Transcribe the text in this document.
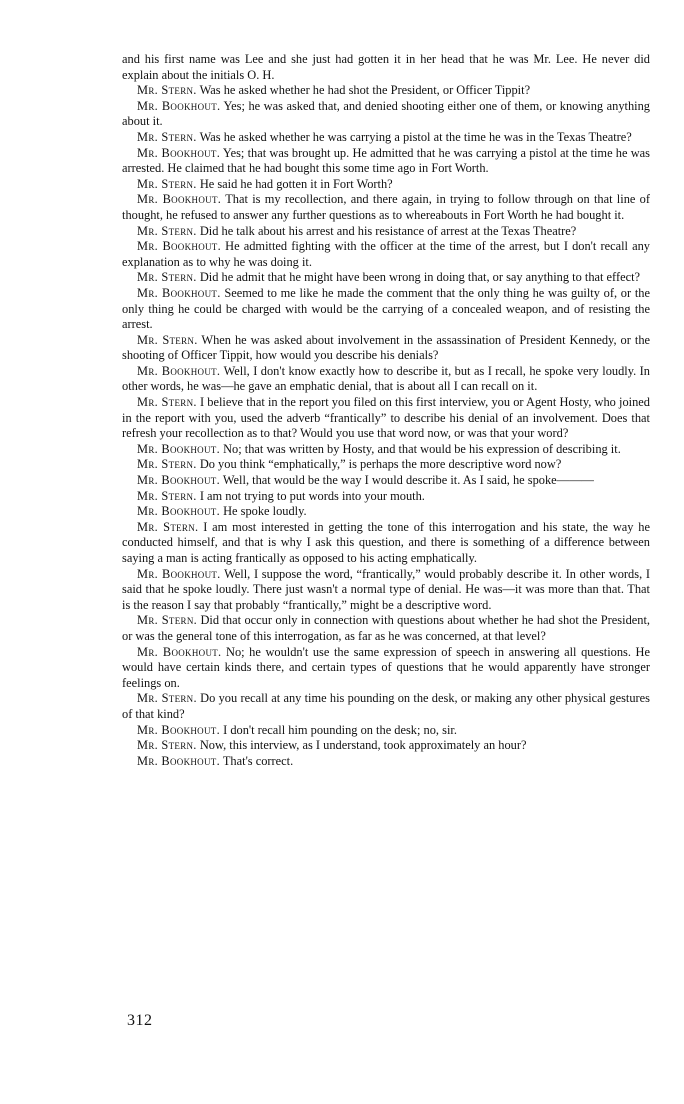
and his first name was Lee and she just had gotten it in her head that he was Mr. Lee. He never did explain about the initials O. H.

Mr. Stern. Was he asked whether he had shot the President, or Officer Tippit?

Mr. Bookhout. Yes; he was asked that, and denied shooting either one of them, or knowing anything about it.

Mr. Stern. Was he asked whether he was carrying a pistol at the time he was in the Texas Theatre?

Mr. Bookhout. Yes; that was brought up. He admitted that he was carrying a pistol at the time he was arrested. He claimed that he had bought this some time ago in Fort Worth.

Mr. Stern. He said he had gotten it in Fort Worth?

Mr. Bookhout. That is my recollection, and there again, in trying to follow through on that line of thought, he refused to answer any further questions as to whereabouts in Fort Worth he had bought it.

Mr. Stern. Did he talk about his arrest and his resistance of arrest at the Texas Theatre?

Mr. Bookhout. He admitted fighting with the officer at the time of the arrest, but I don't recall any explanation as to why he was doing it.

Mr. Stern. Did he admit that he might have been wrong in doing that, or say anything to that effect?

Mr. Bookhout. Seemed to me like he made the comment that the only thing he was guilty of, or the only thing he could be charged with would be the carrying of a concealed weapon, and of resisting the arrest.

Mr. Stern. When he was asked about involvement in the assassination of President Kennedy, or the shooting of Officer Tippit, how would you describe his denials?

Mr. Bookhout. Well, I don't know exactly how to describe it, but as I recall, he spoke very loudly. In other words, he was—he gave an emphatic denial, that is about all I can recall on it.

Mr. Stern. I believe that in the report you filed on this first interview, you or Agent Hosty, who joined in the report with you, used the adverb “frantically” to describe his denial of an involvement. Does that refresh your recollection as to that? Would you use that word now, or was that your word?

Mr. Bookhout. No; that was written by Hosty, and that would be his expression of describing it.

Mr. Stern. Do you think “emphatically,” is perhaps the more descriptive word now?

Mr. Bookhout. Well, that would be the way I would describe it. As I said, he spoke———

Mr. Stern. I am not trying to put words into your mouth.

Mr. Bookhout. He spoke loudly.

Mr. Stern. I am most interested in getting the tone of this interrogation and his state, the way he conducted himself, and that is why I ask this question, and there is something of a difference between saying a man is acting frantically as opposed to his acting emphatically.

Mr. Bookhout. Well, I suppose the word, “frantically,” would probably describe it. In other words, I said that he spoke loudly. There just wasn't a normal type of denial. He was—it was more than that. That is the reason I say that probably “frantically,” might be a descriptive word.

Mr. Stern. Did that occur only in connection with questions about whether he had shot the President, or was the general tone of this interrogation, as far as he was concerned, at that level?

Mr. Bookhout. No; he wouldn't use the same expression of speech in answering all questions. He would have certain kinds there, and certain types of questions that he would apparently have stronger feelings on.

Mr. Stern. Do you recall at any time his pounding on the desk, or making any other physical gestures of that kind?

Mr. Bookhout. I don't recall him pounding on the desk; no, sir.

Mr. Stern. Now, this interview, as I understand, took approximately an hour?

Mr. Bookhout. That's correct.

312
